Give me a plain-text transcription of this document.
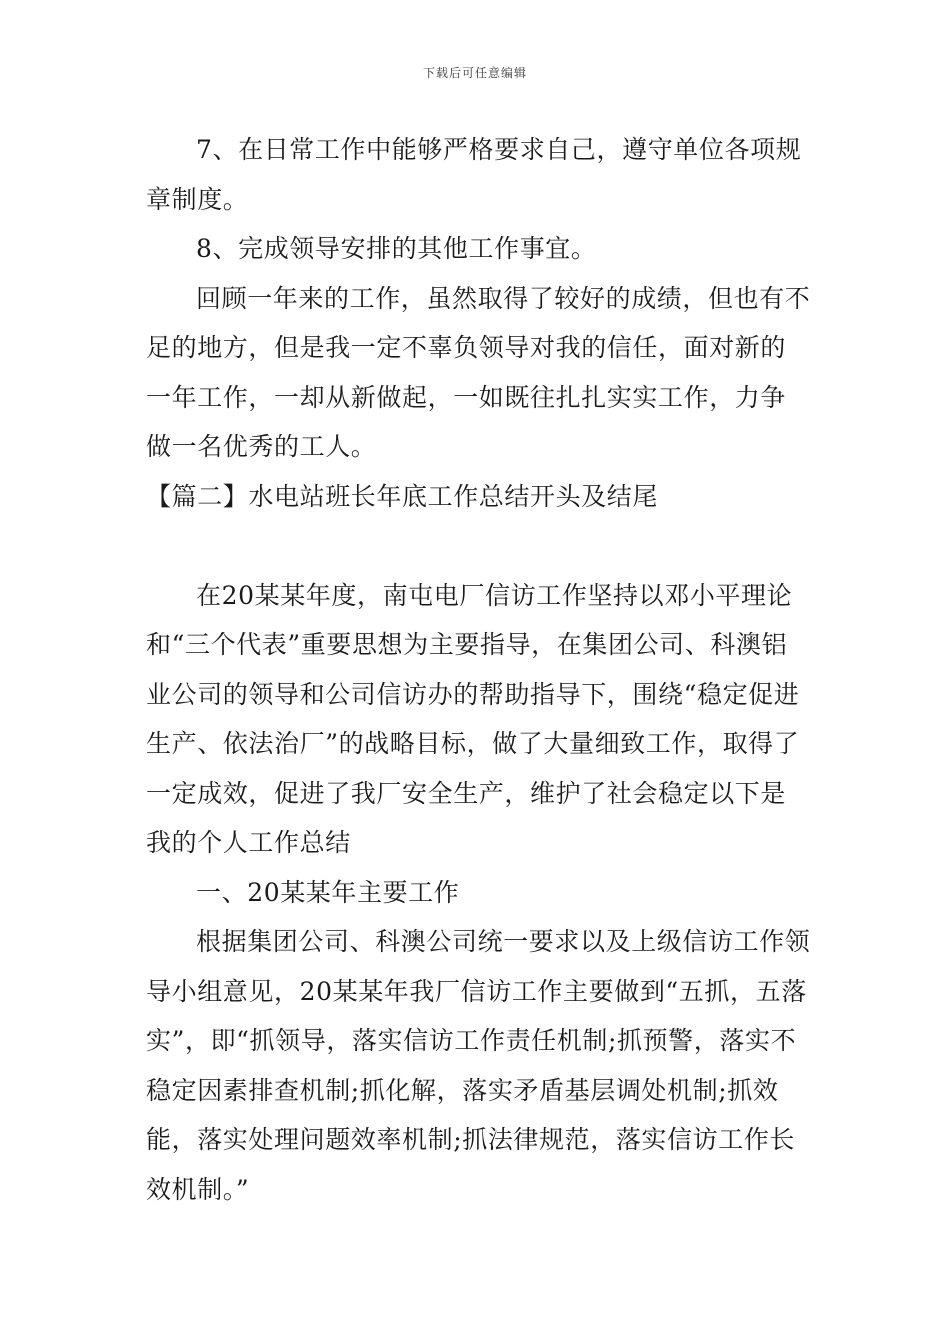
下载后可任意编辑

7、在日常工作中能够严格要求自己，遵守单位各项规章制度。

8、完成领导安排的其他工作事宜。

回顾一年来的工作，虽然取得了较好的成绩，但也有不足的地方，但是我一定不辜负领导对我的信任，面对新的一年工作，一却从新做起，一如既往扎扎实实工作，力争做一名优秀的工人。

【篇二】水电站班长年底工作总结开头及结尾

在20某某年度，南屯电厂信访工作坚持以邓小平理论和“三个代表”重要思想为主要指导，在集团公司、科澳铝业公司的领导和公司信访办的帮助指导下，围绕“稳定促进生产、依法治厂”的战略目标，做了大量细致工作，取得了一定成效，促进了我厂安全生产，维护了社会稳定以下是我的个人工作总结

一、20某某年主要工作

根据集团公司、科澳公司统一要求以及上级信访工作领导小组意见，20某某年我厂信访工作主要做到“五抓，五落实”，即“抓领导，落实信访工作责任机制;抓预警，落实不稳定因素排查机制;抓化解，落实矛盾基层调处机制;抓效能，落实处理问题效率机制;抓法律规范，落实信访工作长效机制。”
